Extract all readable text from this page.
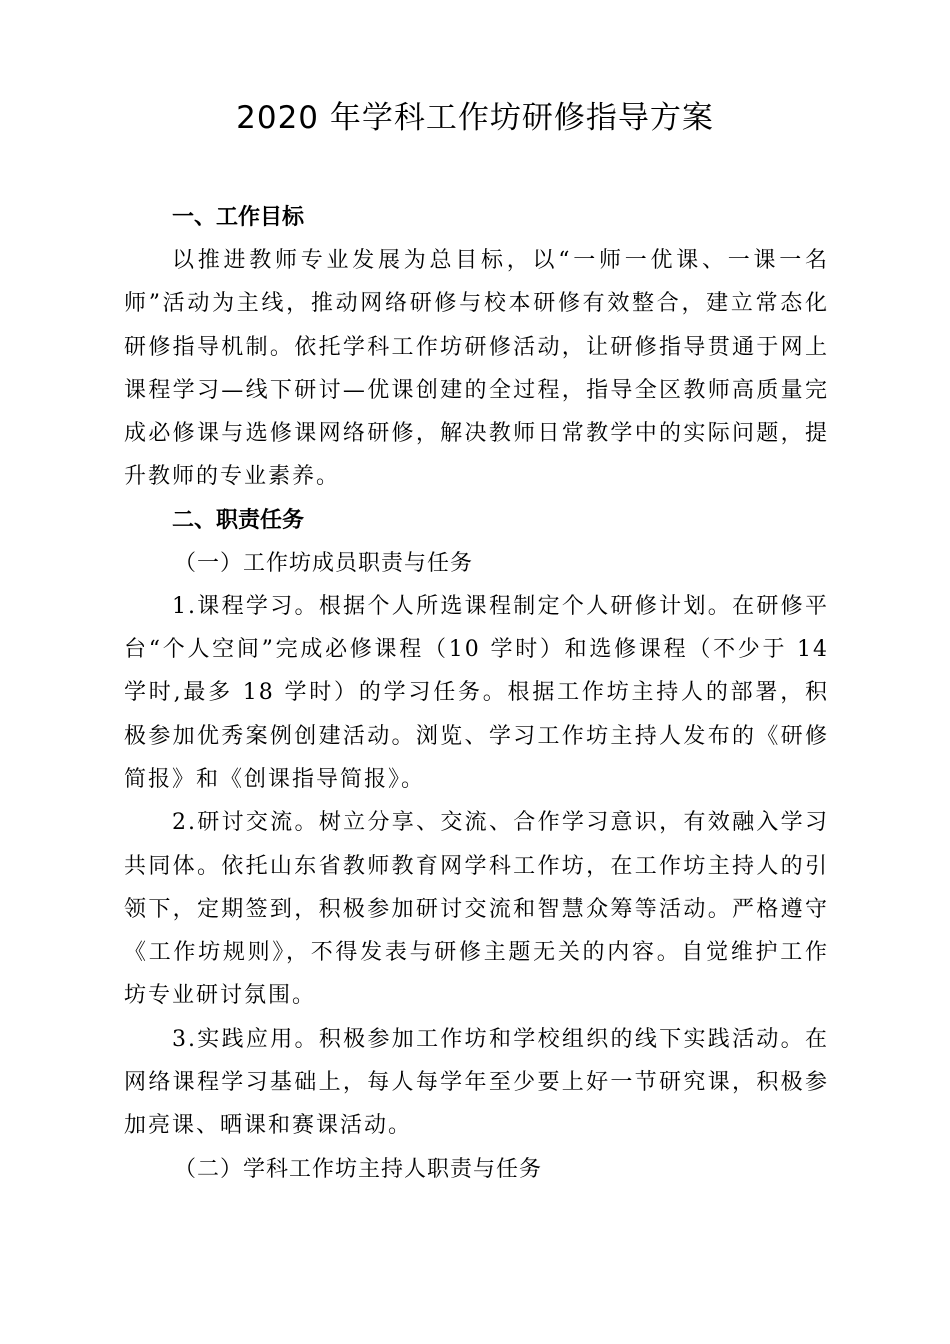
2020 年学科工作坊研修指导方案

一、工作目标

以推进教师专业发展为总目标，以“一师一优课、一课一名师”活动为主线，推动网络研修与校本研修有效整合，建立常态化研修指导机制。依托学科工作坊研修活动，让研修指导贯通于网上课程学习—线下研讨—优课创建的全过程，指导全区教师高质量完成必修课与选修课网络研修，解决教师日常教学中的实际问题，提升教师的专业素养。

二、职责任务

（一）工作坊成员职责与任务

1.课程学习。根据个人所选课程制定个人研修计划。在研修平台“个人空间”完成必修课程（10 学时）和选修课程（不少于 14 学时,最多 18 学时）的学习任务。根据工作坊主持人的部署，积极参加优秀案例创建活动。浏览、学习工作坊主持人发布的《研修简报》和《创课指导简报》。

2.研讨交流。树立分享、交流、合作学习意识，有效融入学习共同体。依托山东省教师教育网学科工作坊，在工作坊主持人的引领下，定期签到，积极参加研讨交流和智慧众筹等活动。严格遵守《工作坊规则》，不得发表与研修主题无关的内容。自觉维护工作坊专业研讨氛围。

3.实践应用。积极参加工作坊和学校组织的线下实践活动。在网络课程学习基础上，每人每学年至少要上好一节研究课，积极参加亮课、晒课和赛课活动。

（二）学科工作坊主持人职责与任务
